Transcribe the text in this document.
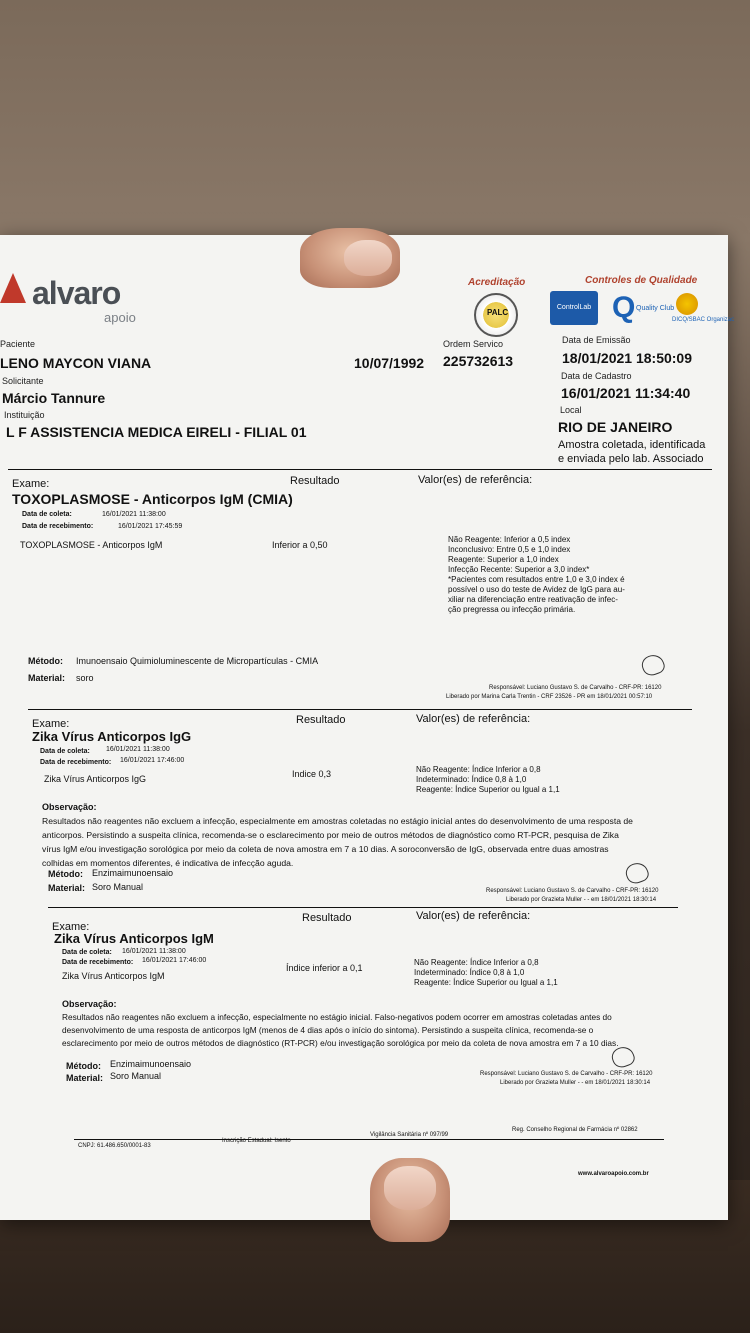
alvaro
apoio
Acreditação	Controles de Qualidade
PALC
ControlLab Q Quality Club
DICQ/SBAC Organizac
Paciente
LENO MAYCON VIANA	10/07/1992
Ordem Servico
225732613
Data de Emissão
18/01/2021 18:50:09
Solicitante
Márcio Tannure
Data de Cadastro
16/01/2021 11:34:40
Instituição
L F ASSISTENCIA MEDICA EIRELI - FILIAL 01
Local
RIO DE JANEIRO
Amostra coletada, identificada
e enviada pelo lab. Associado
Exame:	Resultado	Valor(es) de referência:
TOXOPLASMOSE - Anticorpos IgM (CMIA)
Data de coleta:	16/01/2021 11:38:00
Data de recebimento:	16/01/2021 17:45:59
TOXOPLASMOSE - Anticorpos IgM	Inferior a 0,50
Não Reagente: Inferior a 0,5 index
Inconclusivo: Entre 0,5 e 1,0 index
Reagente: Superior a 1,0 index
Infecção Recente: Superior a 3,0 index*
*Pacientes com resultados entre 1,0 e 3,0 index é
possível o uso do teste de Avidez de IgG para au-
xiliar na diferenciação entre reativação de infec-
ção pregressa ou infecção primária.
Método: Imunoensaio Quimioluminescente de Micropartículas - CMIA
Material: soro
Responsável: Luciano Gustavo S. de Carvalho - CRF-PR: 16120
Liberado por Marina Carla Trentin - CRF 23526 - PR em 18/01/2021 00:57:10
Exame:	Resultado	Valor(es) de referência:
Zika Vírus Anticorpos IgG
Data de coleta: 16/01/2021 11:38:00
Data de recebimento: 16/01/2021 17:46:00
Zika Vírus Anticorpos IgG	Indice 0,3	Não Reagente: Índice Inferior a 0,8
Indeterminado: Índice 0,8 à 1,0
Reagente: Índice Superior ou Igual a 1,1
Observação:
Resultados não reagentes não excluem a infecção, especialmente em amostras coletadas no estágio inicial antes do desenvolvimento de uma resposta de
anticorpos. Persistindo a suspeita clínica, recomenda-se o esclarecimento por meio de outros métodos de diagnóstico como RT-PCR, pesquisa de Zika
vírus IgM e/ou investigação sorológica por meio da coleta de nova amostra em 7 a 10 dias. A soroconversão de IgG, observada entre duas amostras
colhidas em momentos diferentes, é indicativa de infecção aguda.
Método: Enzimaimunoensaio
Material: Soro Manual	Responsável: Luciano Gustavo S. de Carvalho - CRF-PR: 16120
Liberado por Grazieta Muller - - em 18/01/2021 18:30:14
Exame:
Resultado	Valor(es) de referência:
Zika Vírus Anticorpos IgM
Data de coleta: 16/01/2021 11:38:00
Data de recebimento: 16/01/2021 17:46:00
Zika Vírus Anticorpos IgM
Índice inferior a 0,1
Não Reagente: Índice Inferior a 0,8
Indeterminado: Índice 0,8 à 1,0
Reagente: Índice Superior ou Igual a 1,1
Observação:
Resultados não reagentes não excluem a infecção, especialmente no estágio inicial. Falso-negativos podem ocorrer em amostras coletadas antes do
desenvolvimento de uma resposta de anticorpos IgM (menos de 4 dias após o início do sintoma). Persistindo a suspeita clínica, recomenda-se o
esclarecimento por meio de outros métodos de diagnóstico (RT-PCR) e/ou investigação sorológica por meio da coleta de nova amostra em 7 a 10 dias.
Método: Enzimaimunoensaio
Material: Soro Manual	Responsável: Luciano Gustavo S. de Carvalho - CRF-PR: 16120
Liberado por Grazieta Muller - - em 18/01/2021 18:30:14
CNPJ: 61.486.650/0001-83
Inscrição Estadual: Isento
Vigilância Sanitária nº 097/99
Reg. Conselho Regional de Farmácia nº 02862
www.alvaroapoio.com.br
